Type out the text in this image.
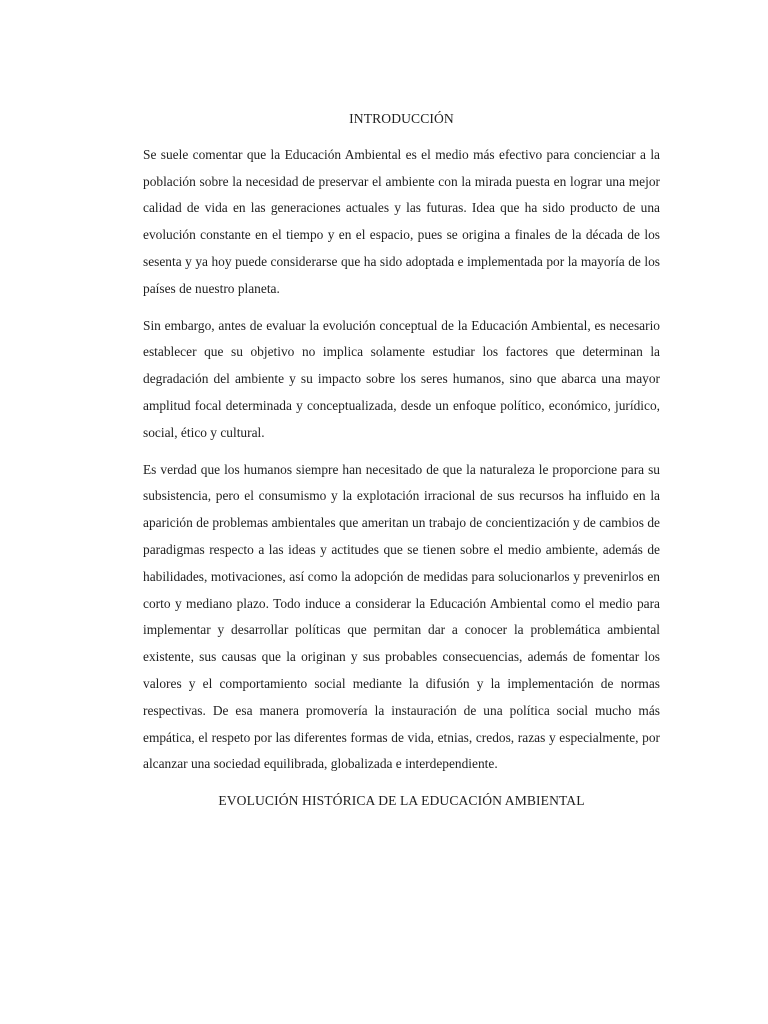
INTRODUCCIÓN

Se suele comentar que la Educación Ambiental es el medio más efectivo para concienciar a la población sobre la necesidad de preservar el ambiente con la mirada puesta en lograr una mejor calidad de vida en las generaciones actuales y las futuras. Idea que ha sido producto de una evolución constante en el tiempo y en el espacio, pues se origina a finales de la década de los sesenta y ya hoy puede considerarse que ha sido adoptada e implementada por la mayoría de los países de nuestro planeta.

Sin embargo, antes de evaluar la evolución conceptual de la Educación Ambiental, es necesario establecer que su objetivo no implica solamente estudiar los factores que determinan la degradación del ambiente y su impacto sobre los seres humanos, sino que abarca una mayor amplitud focal determinada y conceptualizada, desde un enfoque político, económico, jurídico, social, ético y cultural.

Es verdad que los humanos siempre han necesitado de que la naturaleza le proporcione para su subsistencia, pero el consumismo y la explotación irracional de sus recursos ha influido en la aparición de problemas ambientales que ameritan un trabajo de concientización y de cambios de paradigmas respecto a las ideas y actitudes que se tienen sobre el medio ambiente, además de habilidades, motivaciones, así como la adopción de medidas para solucionarlos y prevenirlos en corto y mediano plazo. Todo induce a considerar la Educación Ambiental como el medio para implementar y desarrollar políticas que permitan dar a conocer la problemática ambiental existente, sus causas que la originan y sus probables consecuencias, además de fomentar los valores y el comportamiento social mediante la difusión y la implementación de normas respectivas. De esa manera promovería la instauración de una política social mucho más empática, el respeto por las diferentes formas de vida, etnias, credos, razas y especialmente, por alcanzar una sociedad equilibrada, globalizada e interdependiente.

EVOLUCIÓN HISTÓRICA DE LA EDUCACIÓN AMBIENTAL
